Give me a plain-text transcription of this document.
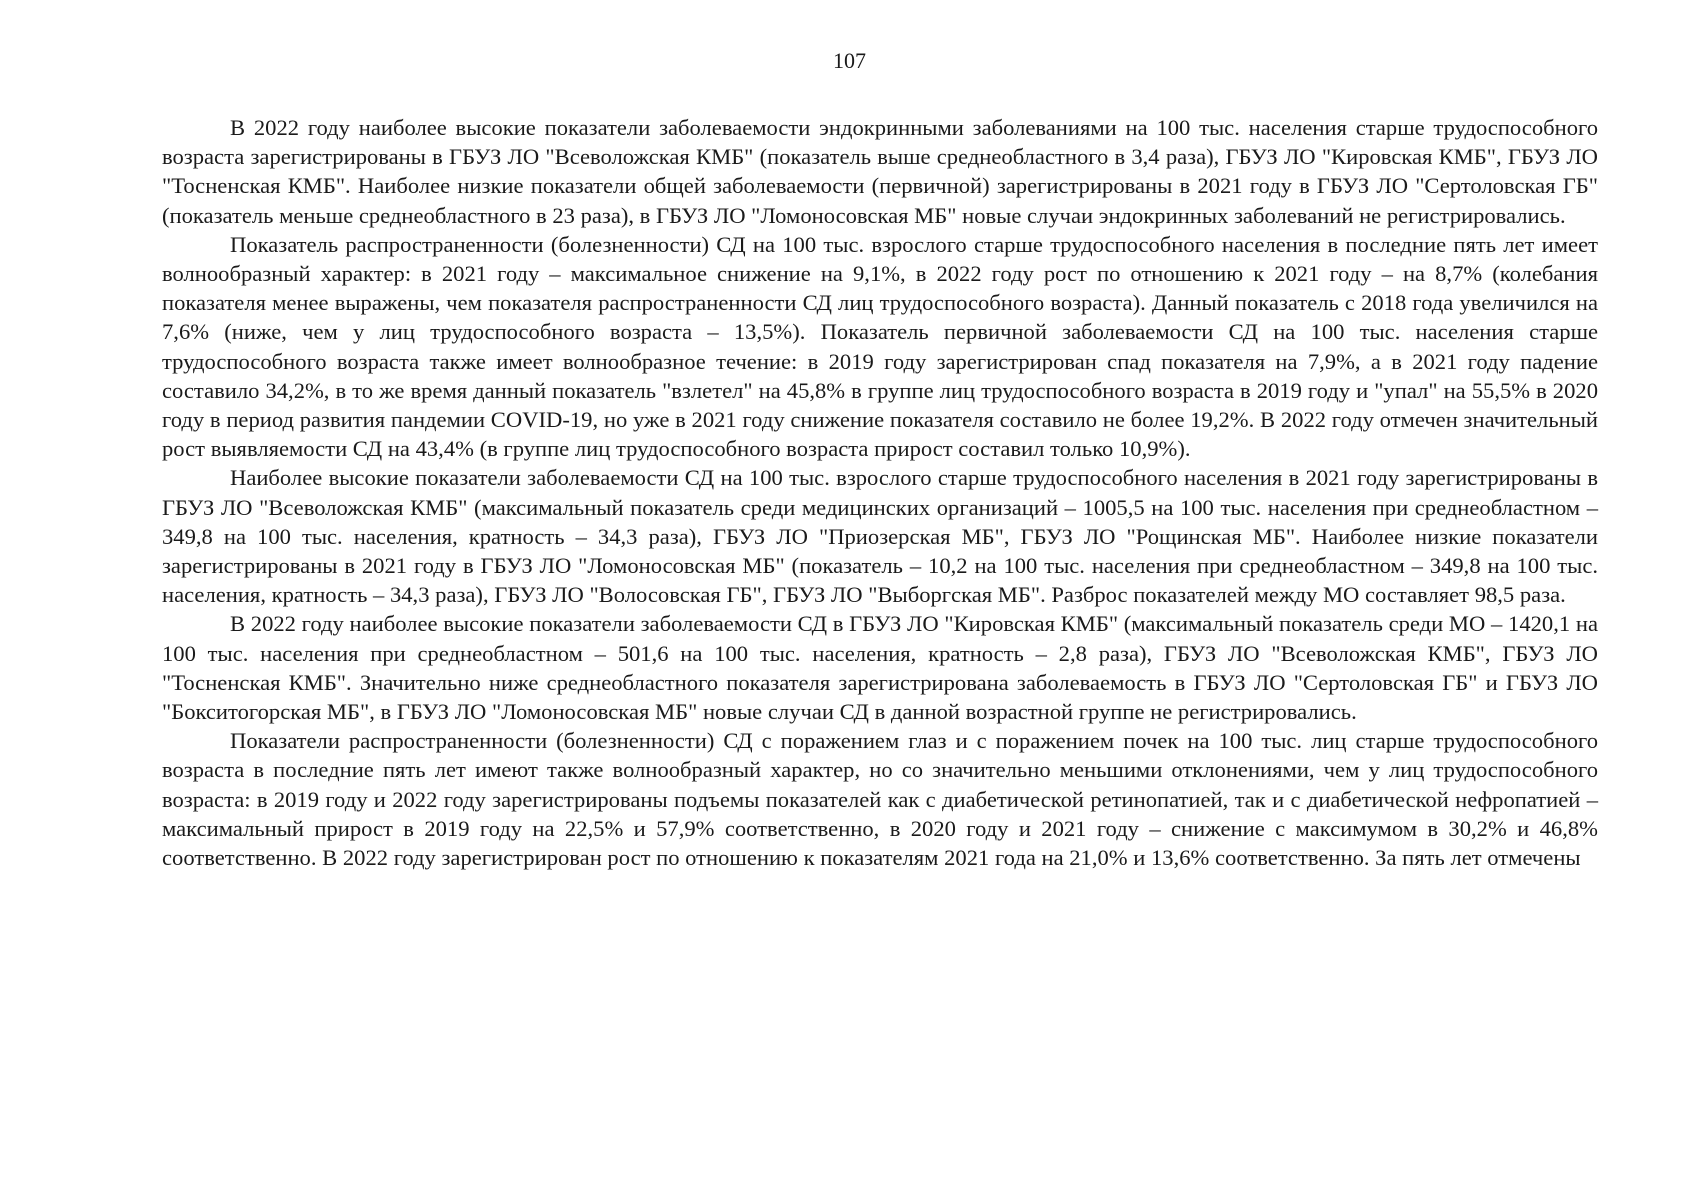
107

В 2022 году наиболее высокие показатели заболеваемости эндокринными заболеваниями на 100 тыс. населения старше трудоспособного возраста зарегистрированы в ГБУЗ ЛО "Всеволожская КМБ" (показатель выше среднеобластного в 3,4 раза), ГБУЗ ЛО "Кировская КМБ", ГБУЗ ЛО "Тосненская КМБ". Наиболее низкие показатели общей заболеваемости (первичной) зарегистрированы в 2021 году в ГБУЗ ЛО "Сертоловская ГБ" (показатель меньше среднеобластного в 23 раза), в ГБУЗ ЛО "Ломоносовская МБ" новые случаи эндокринных заболеваний не регистрировались.

Показатель распространенности (болезненности) СД на 100 тыс. взрослого старше трудоспособного населения в последние пять лет имеет волнообразный характер: в 2021 году – максимальное снижение на 9,1%, в 2022 году рост по отношению к 2021 году – на 8,7% (колебания показателя менее выражены, чем показателя распространенности СД лиц трудоспособного возраста). Данный показатель с 2018 года увеличился на 7,6% (ниже, чем у лиц трудоспособного возраста – 13,5%). Показатель первичной заболеваемости СД на 100 тыс. населения старше трудоспособного возраста также имеет волнообразное течение: в 2019 году зарегистрирован спад показателя на 7,9%, а в 2021 году падение составило 34,2%, в то же время данный показатель "взлетел" на 45,8% в группе лиц трудоспособного возраста в 2019 году и "упал" на 55,5% в 2020 году в период развития пандемии COVID-19, но уже в 2021 году снижение показателя составило не более 19,2%. В 2022 году отмечен значительный рост выявляемости СД на 43,4% (в группе лиц трудоспособного возраста прирост составил только 10,9%).

Наиболее высокие показатели заболеваемости СД на 100 тыс. взрослого старше трудоспособного населения в 2021 году зарегистрированы в ГБУЗ ЛО "Всеволожская КМБ" (максимальный показатель среди медицинских организаций – 1005,5 на 100 тыс. населения при среднеобластном – 349,8 на 100 тыс. населения, кратность – 34,3 раза), ГБУЗ ЛО "Приозерская МБ", ГБУЗ ЛО "Рощинская МБ". Наиболее низкие показатели зарегистрированы в 2021 году в ГБУЗ ЛО "Ломоносовская МБ" (показатель – 10,2 на 100 тыс. населения при среднеобластном – 349,8 на 100 тыс. населения, кратность – 34,3 раза), ГБУЗ ЛО "Волосовская ГБ", ГБУЗ ЛО "Выборгская МБ". Разброс показателей между МО составляет 98,5 раза.

В 2022 году наиболее высокие показатели заболеваемости СД в ГБУЗ ЛО "Кировская КМБ" (максимальный показатель среди МО – 1420,1 на 100 тыс. населения при среднеобластном – 501,6 на 100 тыс. населения, кратность – 2,8 раза), ГБУЗ ЛО "Всеволожская КМБ", ГБУЗ ЛО "Тосненская КМБ". Значительно ниже среднеобластного показателя зарегистрирована заболеваемость в ГБУЗ ЛО "Сертоловская ГБ" и ГБУЗ ЛО "Бокситогорская МБ", в ГБУЗ ЛО "Ломоносовская МБ" новые случаи СД в данной возрастной группе не регистрировались.

Показатели распространенности (болезненности) СД с поражением глаз и с поражением почек на 100 тыс. лиц старше трудоспособного возраста в последние пять лет имеют также волнообразный характер, но со значительно меньшими отклонениями, чем у лиц трудоспособного возраста: в 2019 году и 2022 году зарегистрированы подъемы показателей как с диабетической ретинопатией, так и с диабетической нефропатией – максимальный прирост в 2019 году на 22,5% и 57,9% соответственно, в 2020 году и 2021 году – снижение с максимумом в 30,2% и 46,8% соответственно. В 2022 году зарегистрирован рост по отношению к показателям 2021 года на 21,0% и 13,6% соответственно. За пять лет отмечены
